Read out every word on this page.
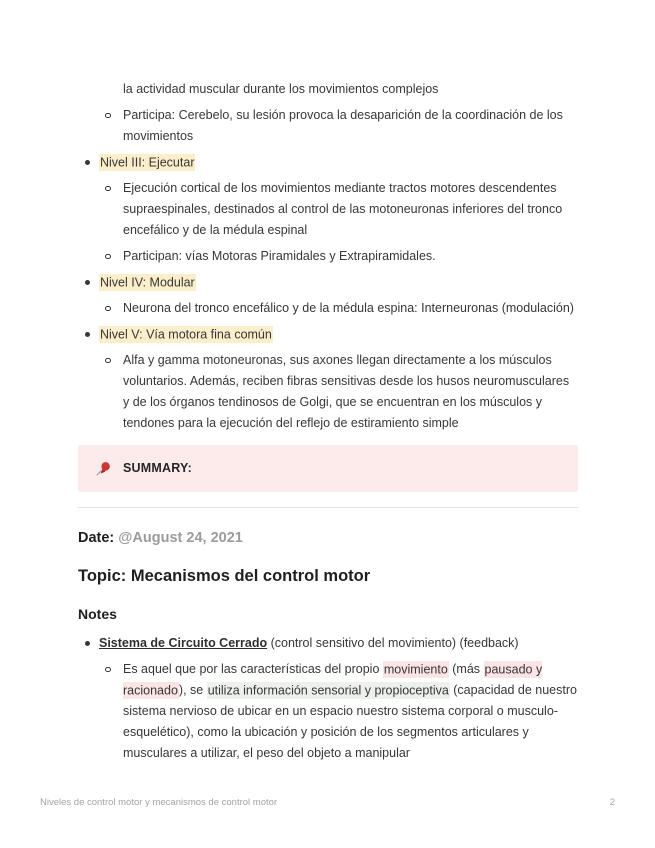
la actividad muscular durante los movimientos complejos

Participa: Cerebelo, su lesión provoca la desaparición de la coordinación de los movimientos
Nivel III: Ejecutar
Ejecución cortical de los movimientos mediante tractos motores descendentes supraespinales, destinados al control de las motoneuronas inferiores del tronco encefálico y de la médula espinal
Participan: vías Motoras Piramidales y Extrapiramidales.
Nivel IV: Modular
Neurona del tronco encefálico y de la médula espina: Interneuronas (modulación)
Nivel V: Vía motora fina común
Alfa y gamma motoneuronas, sus axones llegan directamente a los músculos voluntarios. Además, reciben fibras sensitivas desde los husos neuromusculares y de los órganos tendinosos de Golgi, que se encuentran en los músculos y tendones para la ejecución del reflejo de estiramiento simple
SUMMARY:
Date: @August 24, 2021
Topic: Mecanismos del control motor
Notes
Sistema de Circuito Cerrado (control sensitivo del movimiento) (feedback)
Es aquel que por las características del propio movimiento (más pausado y racionado), se utiliza información sensorial y propioceptiva (capacidad de nuestro sistema nervioso de ubicar en un espacio nuestro sistema corporal o musculo-esquelético), como la ubicación y posición de los segmentos articulares y musculares a utilizar, el peso del objeto a manipular
Niveles de control motor y mecanismos de control motor	2
